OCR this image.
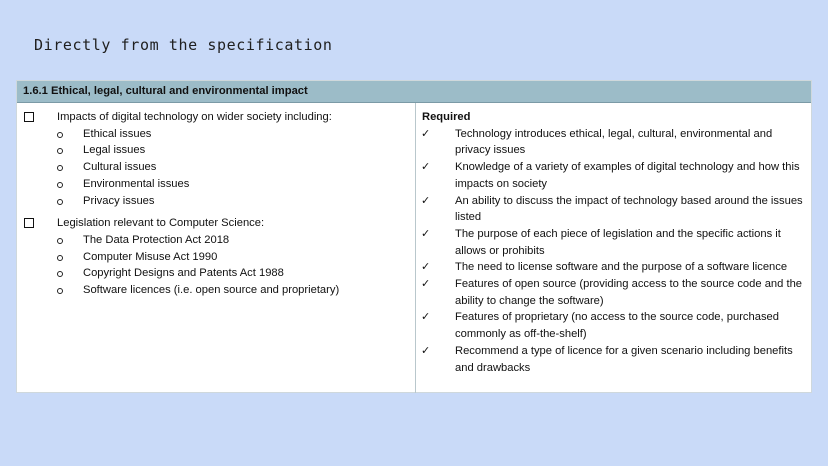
Directly from the specification
1.6.1 Ethical, legal, cultural and environmental impact
Impacts of digital technology on wider society including:
Ethical issues
Legal issues
Cultural issues
Environmental issues
Privacy issues
Legislation relevant to Computer Science:
The Data Protection Act 2018
Computer Misuse Act 1990
Copyright Designs and Patents Act 1988
Software licences (i.e. open source and proprietary)
Required
✓ Technology introduces ethical, legal, cultural, environmental and privacy issues
✓ Knowledge of a variety of examples of digital technology and how this impacts on society
✓ An ability to discuss the impact of technology based around the issues listed
✓ The purpose of each piece of legislation and the specific actions it allows or prohibits
✓ The need to license software and the purpose of a software licence
✓ Features of open source (providing access to the source code and the ability to change the software)
✓ Features of proprietary (no access to the source code, purchased commonly as off-the-shelf)
✓ Recommend a type of licence for a given scenario including benefits and drawbacks
